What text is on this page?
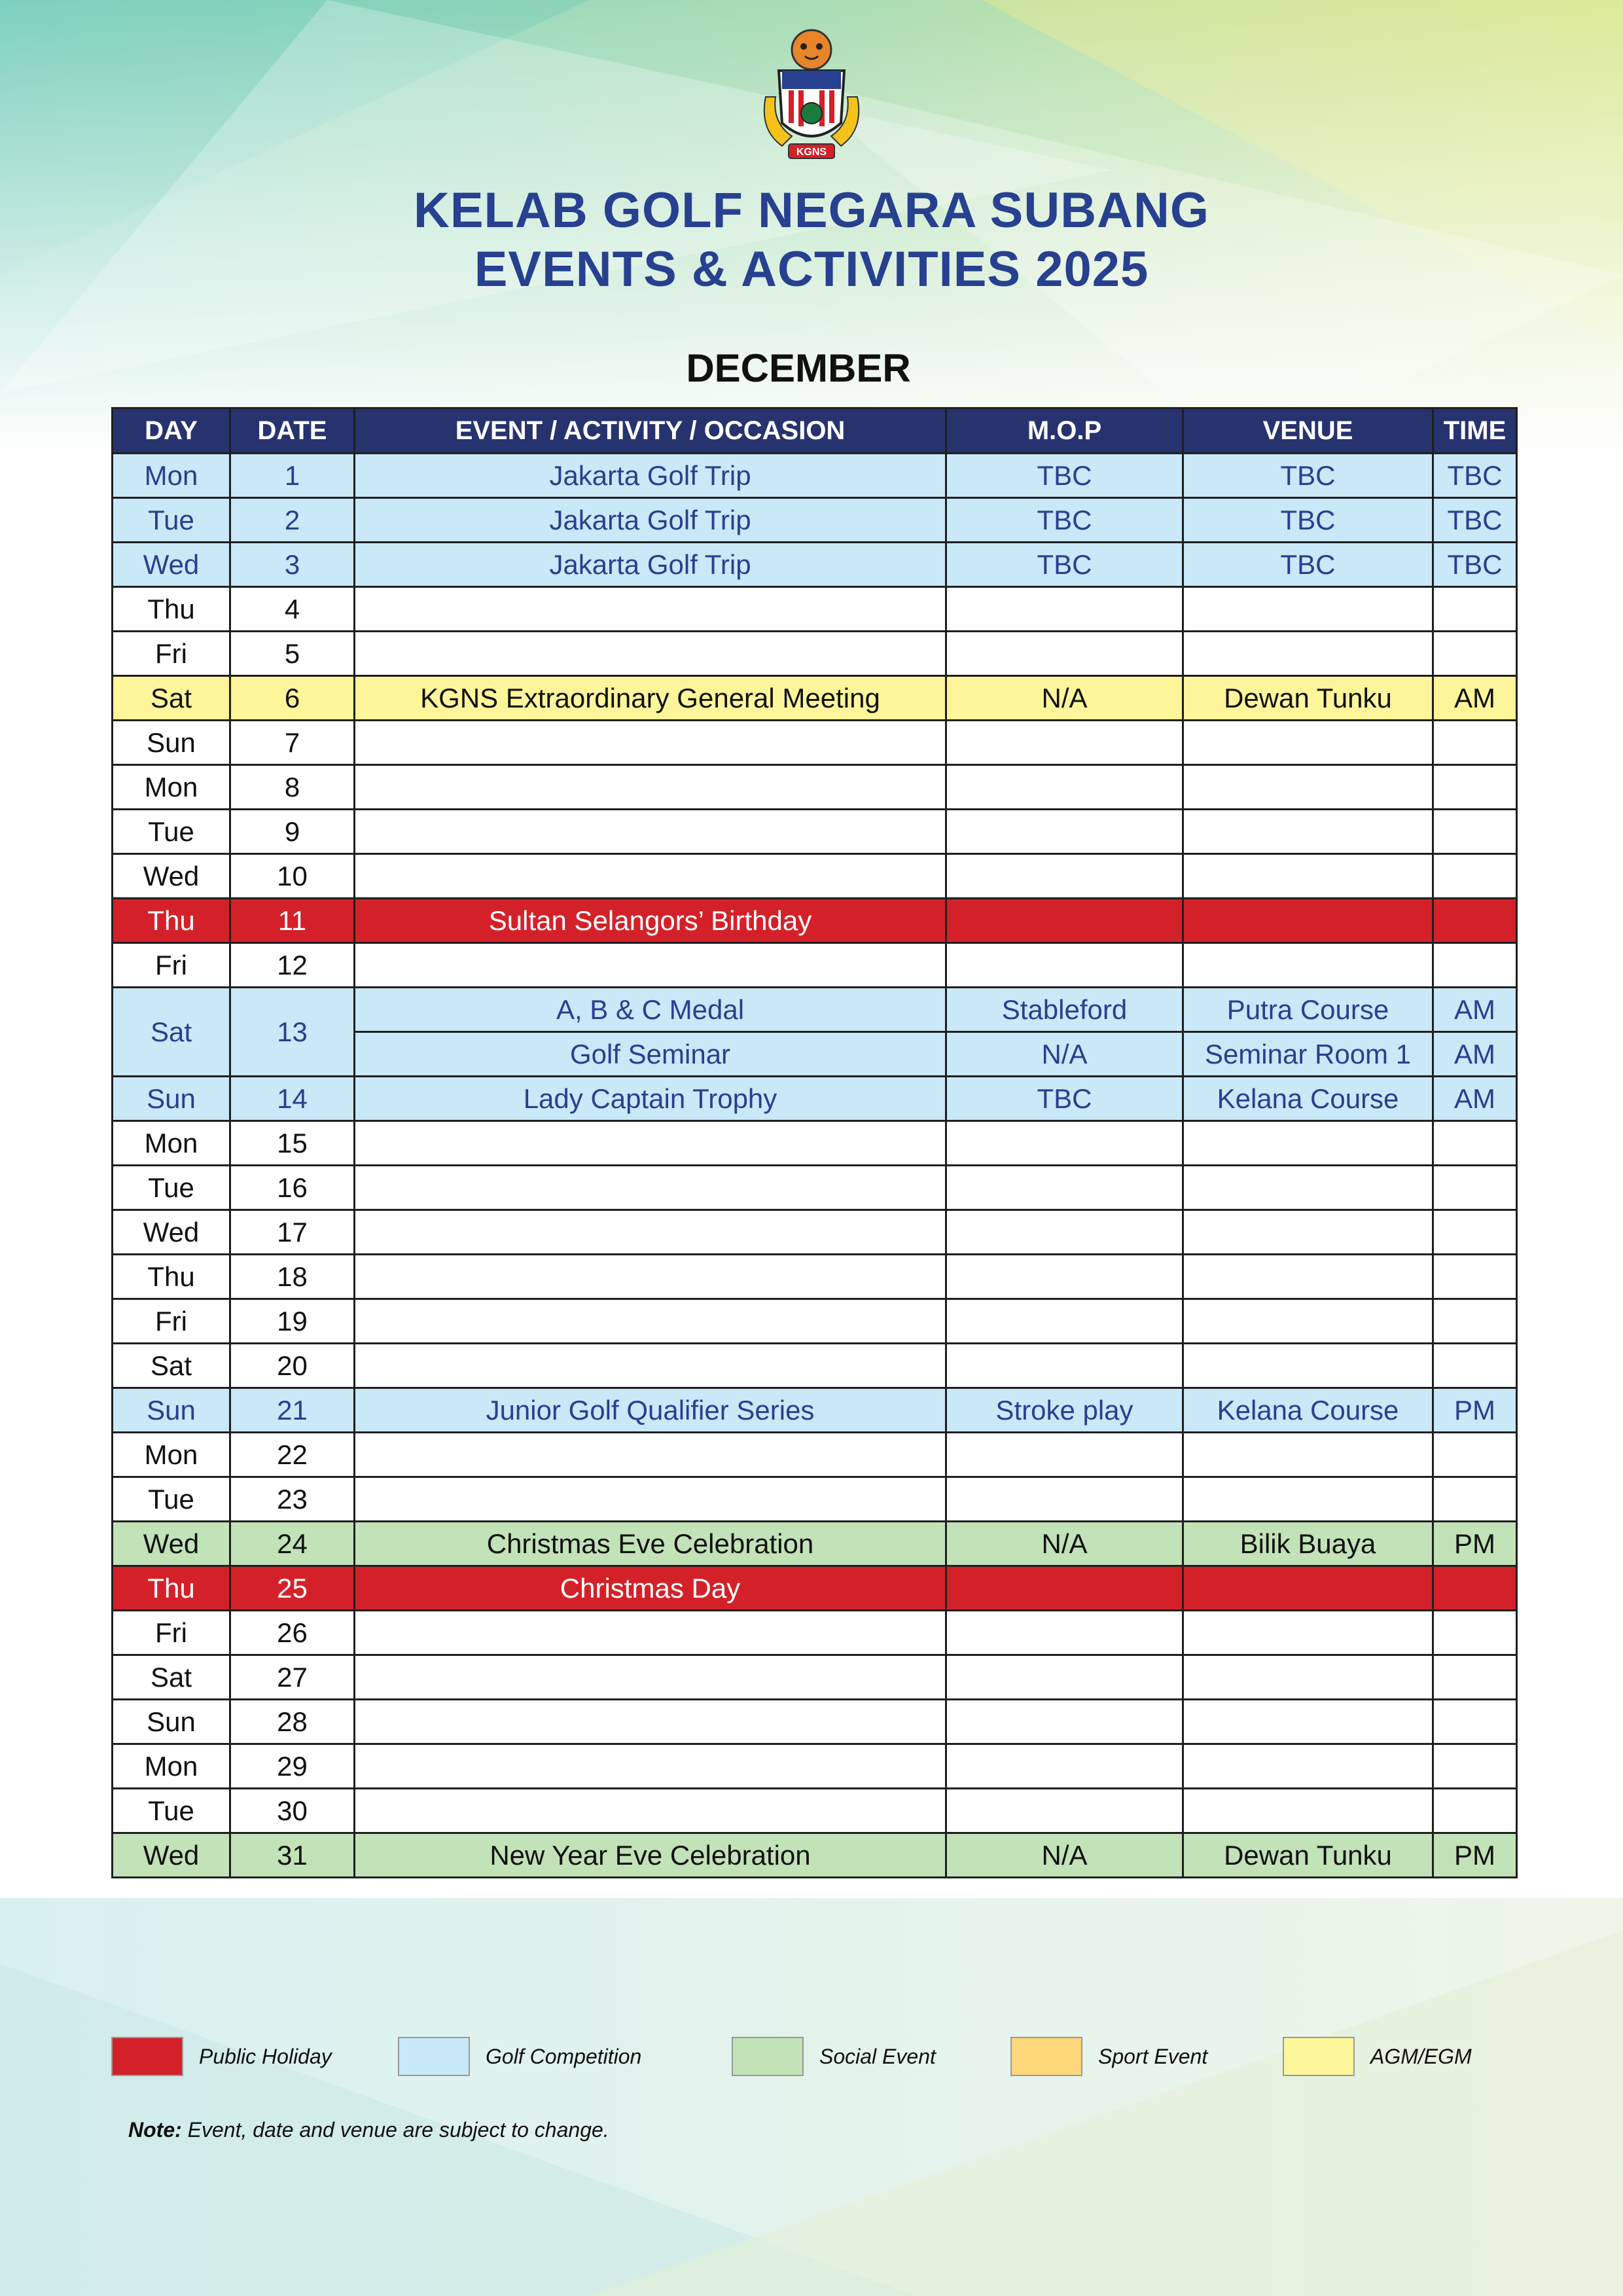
KGNS
KELAB GOLF NEGARA SUBANG
EVENTS & ACTIVITIES 2025
DECEMBER
DAY	DATE	EVENT / ACTIVITY / OCCASION	M.O.P	VENUE	TIME
Mon	1	Jakarta Golf Trip	TBC	TBC	TBC
Tue	2	Jakarta Golf Trip	TBC	TBC	TBC
Wed	3	Jakarta Golf Trip	TBC	TBC	TBC
Thu	4				
Fri	5				
Sat	6	KGNS Extraordinary General Meeting	N/A	Dewan Tunku	AM
Sun	7				
Mon	8				
Tue	9				
Wed	10				
Thu	11	Sultan Selangors’ Birthday			
Fri	12				
Sat	13	A, B & C Medal	Stableford	Putra Course	AM
		Golf Seminar	N/A	Seminar Room 1	AM
Sun	14	Lady Captain Trophy	TBC	Kelana Course	AM
Mon	15				
Tue	16				
Wed	17				
Thu	18				
Fri	19				
Sat	20				
Sun	21	Junior Golf Qualifier Series	Stroke play	Kelana Course	PM
Mon	22				
Tue	23				
Wed	24	Christmas Eve Celebration	N/A	Bilik Buaya	PM
Thu	25	Christmas Day			
Fri	26				
Sat	27				
Sun	28				
Mon	29				
Tue	30				
Wed	31	New Year Eve Celebration	N/A	Dewan Tunku	PM
Public Holiday	Golf Competition	Social Event	Sport Event	AGM/EGM
Note: Event, date and venue are subject to change.
